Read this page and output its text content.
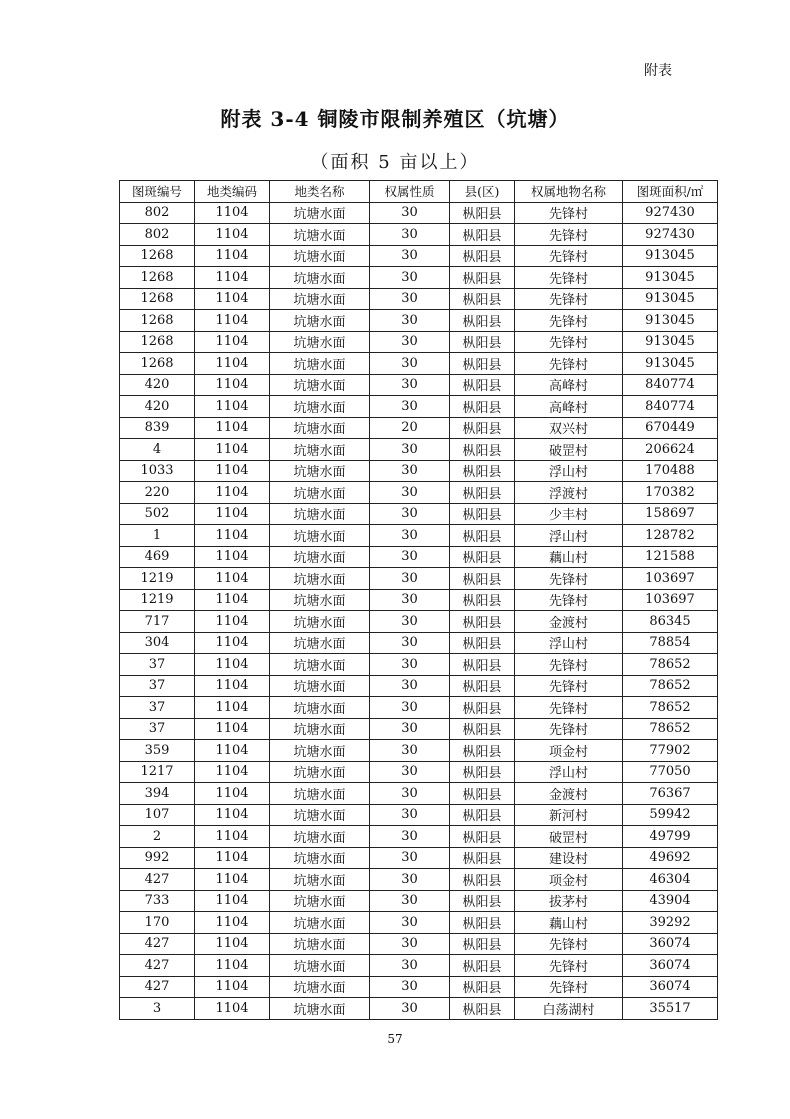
附表
附表 3-4 铜陵市限制养殖区（坑塘）
（面积 5 亩以上）
图斑编号	地类编码	地类名称	权属性质	县(区)	权属地物名称	图斑面积/㎡
802	1104	坑塘水面	30	枞阳县	先锋村	927430
802	1104	坑塘水面	30	枞阳县	先锋村	927430
1268	1104	坑塘水面	30	枞阳县	先锋村	913045
1268	1104	坑塘水面	30	枞阳县	先锋村	913045
1268	1104	坑塘水面	30	枞阳县	先锋村	913045
1268	1104	坑塘水面	30	枞阳县	先锋村	913045
1268	1104	坑塘水面	30	枞阳县	先锋村	913045
1268	1104	坑塘水面	30	枞阳县	先锋村	913045
420	1104	坑塘水面	30	枞阳县	高峰村	840774
420	1104	坑塘水面	30	枞阳县	高峰村	840774
839	1104	坑塘水面	20	枞阳县	双兴村	670449
4	1104	坑塘水面	30	枞阳县	破罡村	206624
1033	1104	坑塘水面	30	枞阳县	浮山村	170488
220	1104	坑塘水面	30	枞阳县	浮渡村	170382
502	1104	坑塘水面	30	枞阳县	少丰村	158697
1	1104	坑塘水面	30	枞阳县	浮山村	128782
469	1104	坑塘水面	30	枞阳县	藕山村	121588
1219	1104	坑塘水面	30	枞阳县	先锋村	103697
1219	1104	坑塘水面	30	枞阳县	先锋村	103697
717	1104	坑塘水面	30	枞阳县	金渡村	86345
304	1104	坑塘水面	30	枞阳县	浮山村	78854
37	1104	坑塘水面	30	枞阳县	先锋村	78652
37	1104	坑塘水面	30	枞阳县	先锋村	78652
37	1104	坑塘水面	30	枞阳县	先锋村	78652
37	1104	坑塘水面	30	枞阳县	先锋村	78652
359	1104	坑塘水面	30	枞阳县	项金村	77902
1217	1104	坑塘水面	30	枞阳县	浮山村	77050
394	1104	坑塘水面	30	枞阳县	金渡村	76367
107	1104	坑塘水面	30	枞阳县	新河村	59942
2	1104	坑塘水面	30	枞阳县	破罡村	49799
992	1104	坑塘水面	30	枞阳县	建设村	49692
427	1104	坑塘水面	30	枞阳县	项金村	46304
733	1104	坑塘水面	30	枞阳县	拔茅村	43904
170	1104	坑塘水面	30	枞阳县	藕山村	39292
427	1104	坑塘水面	30	枞阳县	先锋村	36074
427	1104	坑塘水面	30	枞阳县	先锋村	36074
427	1104	坑塘水面	30	枞阳县	先锋村	36074
3	1104	坑塘水面	30	枞阳县	白荡湖村	35517
57
